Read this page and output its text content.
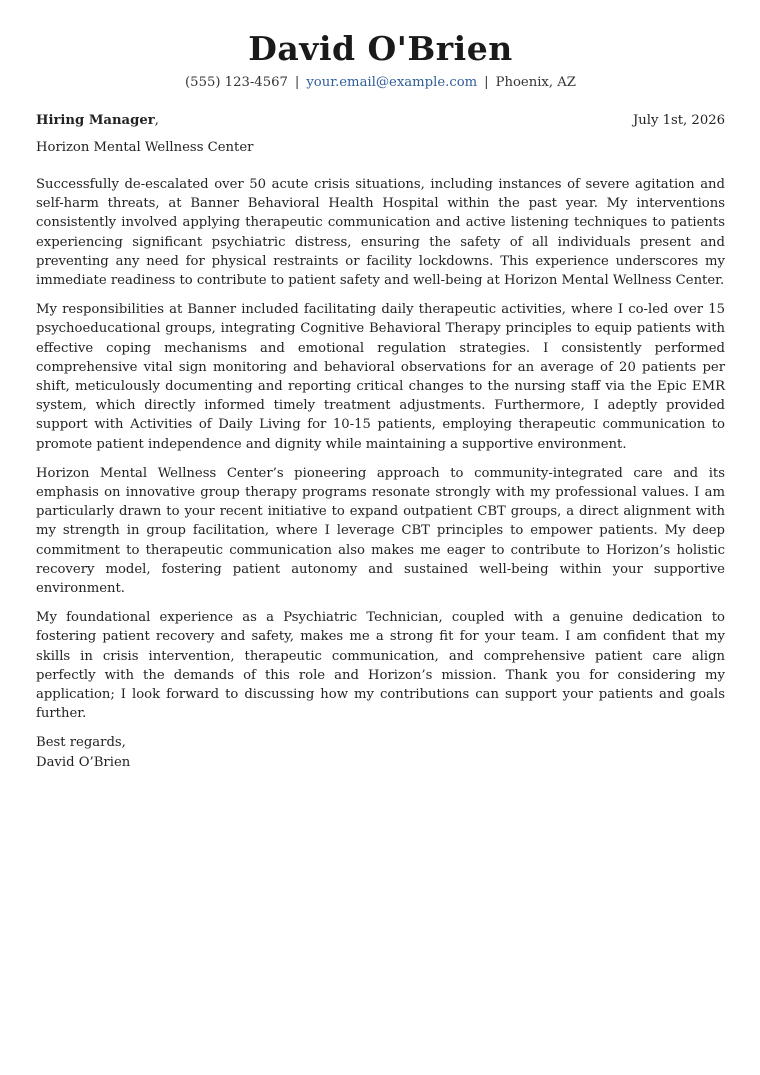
David O'Brien
(555) 123-4567 | your.email@example.com | Phoenix, AZ
Hiring Manager,	July 1st, 2026
Horizon Mental Wellness Center

Successfully de-escalated over 50 acute crisis situations, including instances of severe agitation and self-harm threats, at Banner Behavioral Health Hospital within the past year. My interventions consistently involved applying therapeutic communication and active listening techniques to patients experiencing significant psychiatric distress, ensuring the safety of all individuals present and preventing any need for physical restraints or facility lockdowns. This experience underscores my immediate readiness to contribute to patient safety and well-being at Horizon Mental Wellness Center.

My responsibilities at Banner included facilitating daily therapeutic activities, where I co-led over 15 psychoeducational groups, integrating Cognitive Behavioral Therapy principles to equip patients with effective coping mechanisms and emotional regulation strategies. I consistently performed comprehensive vital sign monitoring and behavioral observations for an average of 20 patients per shift, meticulously documenting and reporting critical changes to the nursing staff via the Epic EMR system, which directly informed timely treatment adjustments. Furthermore, I adeptly provided support with Activities of Daily Living for 10-15 patients, employing therapeutic communication to promote patient independence and dignity while maintaining a supportive environment.

Horizon Mental Wellness Center’s pioneering approach to community-integrated care and its emphasis on innovative group therapy programs resonate strongly with my professional values. I am particularly drawn to your recent initiative to expand outpatient CBT groups, a direct alignment with my strength in group facilitation, where I leverage CBT principles to empower patients. My deep commitment to therapeutic communication also makes me eager to contribute to Horizon’s holistic recovery model, fostering patient autonomy and sustained well-being within your supportive environment.

My foundational experience as a Psychiatric Technician, coupled with a genuine dedication to fostering patient recovery and safety, makes me a strong fit for your team. I am confident that my skills in crisis intervention, therapeutic communication, and comprehensive patient care align perfectly with the demands of this role and Horizon’s mission. Thank you for considering my application; I look forward to discussing how my contributions can support your patients and goals further.

Best regards,
David O’Brien
